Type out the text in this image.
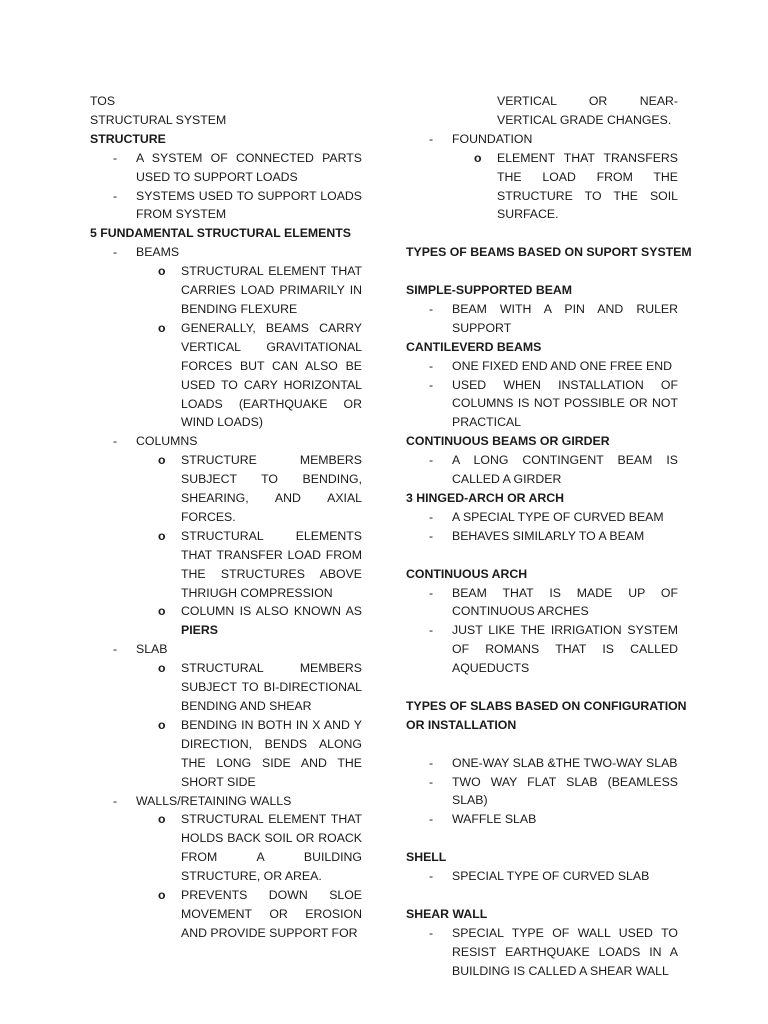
TOS
STRUCTURAL SYSTEM
STRUCTURE
- A SYSTEM OF CONNECTED PARTS USED TO SUPPORT LOADS
- SYSTEMS USED TO SUPPORT LOADS FROM SYSTEM
5 FUNDAMENTAL STRUCTURAL ELEMENTS
- BEAMS
o STRUCTURAL ELEMENT THAT CARRIES LOAD PRIMARILY IN BENDING FLEXURE
o GENERALLY, BEAMS CARRY VERTICAL GRAVITATIONAL FORCES BUT CAN ALSO BE USED TO CARY HORIZONTAL LOADS (EARTHQUAKE OR WIND LOADS)
- COLUMNS
o STRUCTURE MEMBERS SUBJECT TO BENDING, SHEARING, AND AXIAL FORCES.
o STRUCTURAL ELEMENTS THAT TRANSFER LOAD FROM THE STRUCTURES ABOVE THRIUGH COMPRESSION
o COLUMN IS ALSO KNOWN AS PIERS
- SLAB
o STRUCTURAL MEMBERS SUBJECT TO BI-DIRECTIONAL BENDING AND SHEAR
o BENDING IN BOTH IN X AND Y DIRECTION, BENDS ALONG THE LONG SIDE AND THE SHORT SIDE
- WALLS/RETAINING WALLS
o STRUCTURAL ELEMENT THAT HOLDS BACK SOIL OR ROACK FROM A BUILDING STRUCTURE, OR AREA.
o PREVENTS DOWN SLOE MOVEMENT OR EROSION AND PROVIDE SUPPORT FOR
VERTICAL OR NEAR-VERTICAL GRADE CHANGES.
- FOUNDATION
o ELEMENT THAT TRANSFERS THE LOAD FROM THE STRUCTURE TO THE SOIL SURFACE.
TYPES OF BEAMS BASED ON SUPORT SYSTEM
SIMPLE-SUPPORTED BEAM
- BEAM WITH A PIN AND RULER SUPPORT
CANTILEVERD BEAMS
- ONE FIXED END AND ONE FREE END
- USED WHEN INSTALLATION OF COLUMNS IS NOT POSSIBLE OR NOT PRACTICAL
CONTINUOUS BEAMS OR GIRDER
- A LONG CONTINGENT BEAM IS CALLED A GIRDER
3 HINGED-ARCH OR ARCH
- A SPECIAL TYPE OF CURVED BEAM
- BEHAVES SIMILARLY TO A BEAM
CONTINUOUS ARCH
- BEAM THAT IS MADE UP OF CONTINUOUS ARCHES
- JUST LIKE THE IRRIGATION SYSTEM OF ROMANS THAT IS CALLED AQUEDUCTS
TYPES OF SLABS BASED ON CONFIGURATION
OR INSTALLATION
- ONE-WAY SLAB &THE TWO-WAY SLAB
- TWO WAY FLAT SLAB (BEAMLESS SLAB)
- WAFFLE SLAB
SHELL
- SPECIAL TYPE OF CURVED SLAB
SHEAR WALL
- SPECIAL TYPE OF WALL USED TO RESIST EARTHQUAKE LOADS IN A BUILDING IS CALLED A SHEAR WALL
